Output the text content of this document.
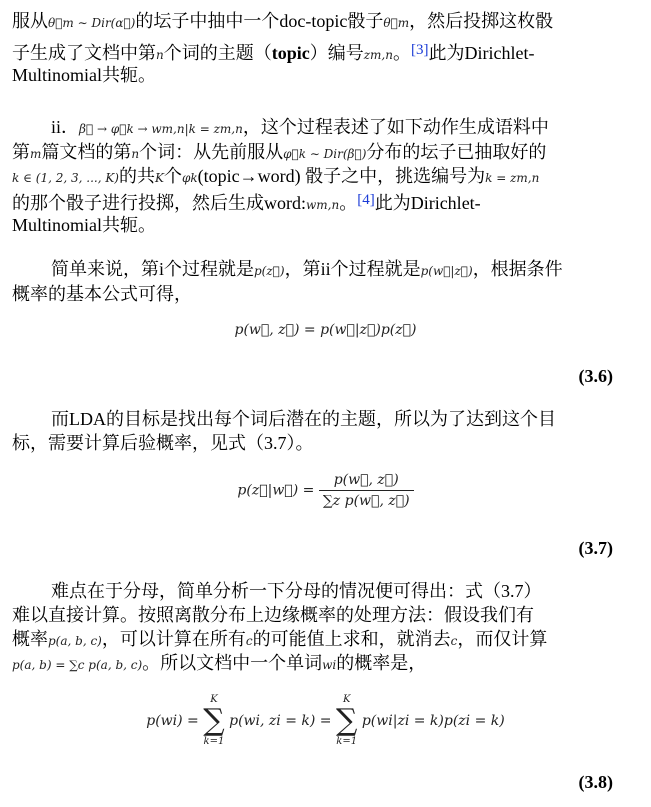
服从θ⃗m ∼ Dir(α⃗)的坛子中抽中一个doc-topic骰子θ⃗m，然后投掷这枚骰
子生成了文档中第n个词的主题（topic）编号zm,n。[3]此为Dirichlet-
Multinomial共轭。
ii．β⃗ → φ⃗k → wm,n|k = zm,n，这个过程表述了如下动作生成语料中
第m篇文档的第n个词：从先前服从φ⃗k ∼ Dir(β⃗)分布的坛子已抽取好的
k ∈ (1, 2, 3, ..., K)的共K个φk(topic→word) 骰子之中，挑选编号为k = zm,n
的那个骰子进行投掷，然后生成word:wm,n。[4]此为Dirichlet-
Multinomial共轭。
简单来说，第i个过程就是p(z⃗)，第ii个过程就是p(w⃗|z⃗)，根据条件
概率的基本公式可得，
p(w⃗, z⃗) = p(w⃗|z⃗)p(z⃗)
(3.6)
而LDA的目标是找出每个词后潜在的主题，所以为了达到这个目
标，需要计算后验概率，见式（3.7）。
p(z⃗|w⃗) = $\frac{p(w⃗, z⃗)}{\text{∑z p(w⃗, z⃗)}}$
(3.7)
难点在于分母，简单分析一下分母的情况便可得出：式（3.7）
难以直接计算。按照离散分布上边缘概率的处理方法：假设我们有
概率p(a, b, c)，可以计算在所有c的可能值上求和，就消去c，而仅计算
p(a, b) = ∑c p(a, b, c)。所以文档中一个单词wi的概率是，
p(wi) =
K
∑
k=1
p(wi, zi = k) =
K
∑
k=1
p(wi|zi = k)p(zi = k)
(3.8)
